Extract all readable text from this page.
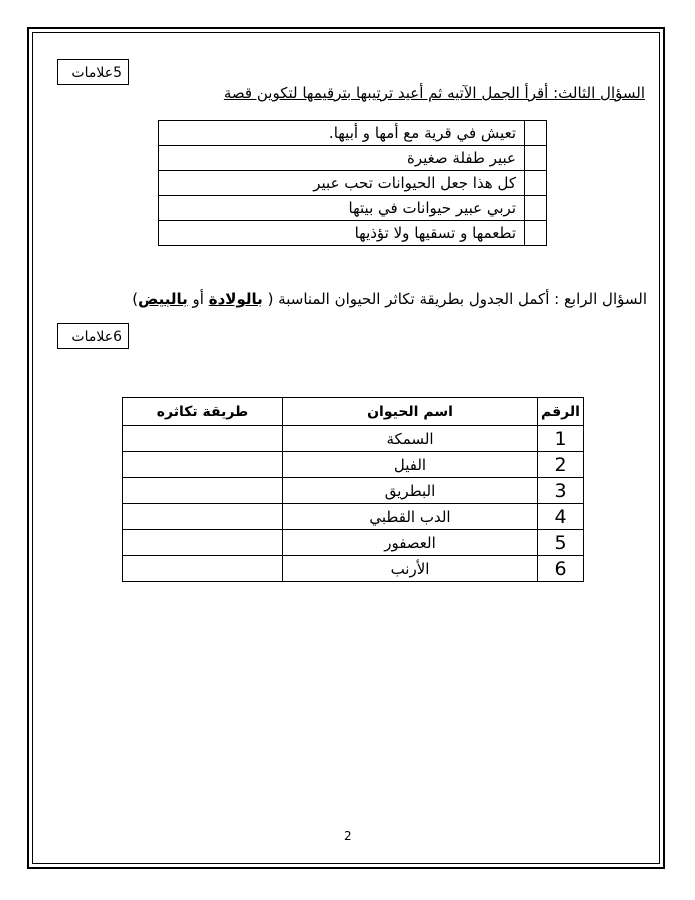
5علامات
السؤال الثالث: أقرأ الجمل الآتيه ثم أعيد ترتيبها بترقيمها لتكوين قصة
	تعيش في قرية مع أمها و أبيها.
	عبير طفلة صغيرة
	كل هذا جعل الحيوانات تحب عبير
	تربي عبير حيوانات في بيتها
	تطعمها و تسقيها ولا تؤذيها
السؤال الرابع : أكمل الجدول بطريقة تكاثر الحيوان المناسبة ( بالولادة أو بالبيض)
6علامات
الرقم	اسم الحيوان	طريقة تكاثره
1	السمكة	
2	الفيل	
3	البطريق	
4	الدب القطبي	
5	العصفور	
6	الأرنب	
2
